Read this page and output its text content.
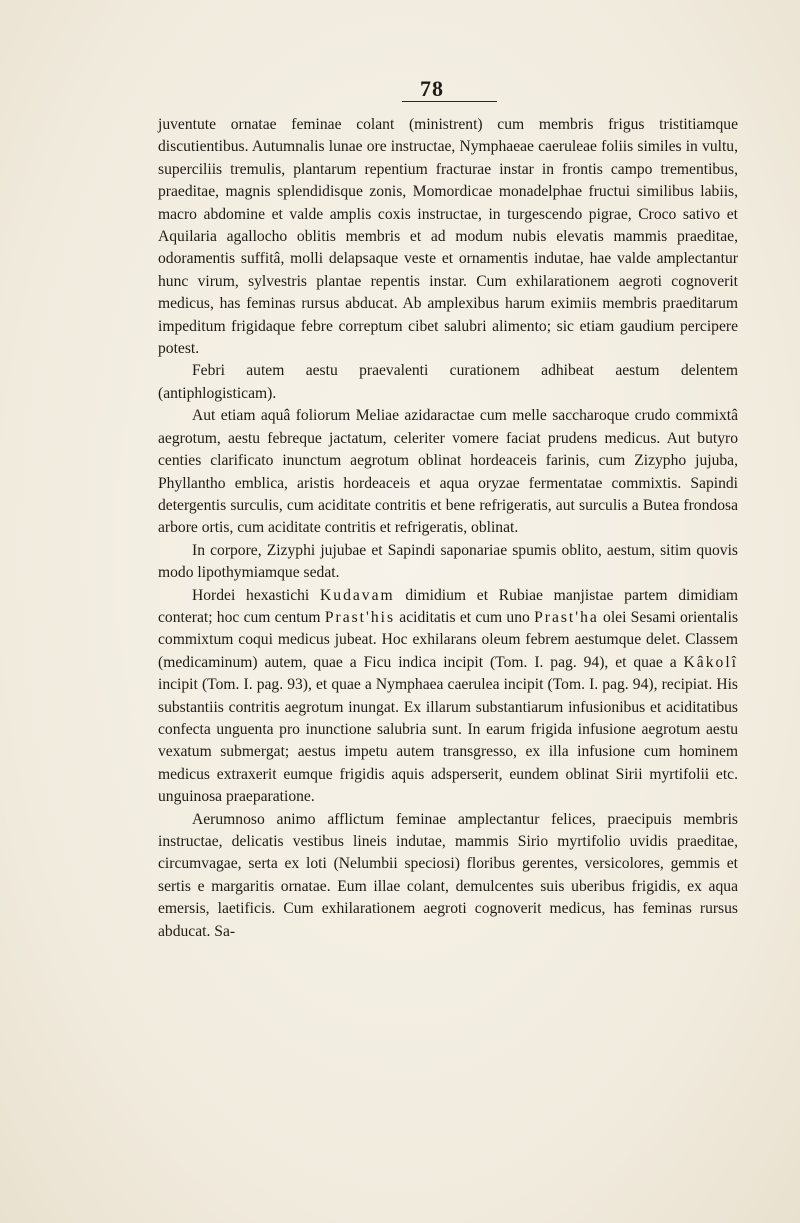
78

juventute ornatae feminae colant (ministrent) cum membris frigus tristitiamque discutientibus. Autumnalis lunae ore instructae, Nymphaeae caeruleae foliis similes in vultu, superciliis tremulis, plantarum repentium fracturae instar in frontis campo trementibus, praeditae, magnis splendidisque zonis, Momordicae monadelphae fructui similibus labiis, macro abdomine et valde amplis coxis instructae, in turgescendo pigrae, Croco sativo et Aquilaria agallocho oblitis membris et ad modum nubis elevatis mammis praeditae, odoramentis suffitâ, molli delapsaque veste et ornamentis indutae, hae valde amplectantur hunc virum, sylvestris plantae repentis instar. Cum exhilarationem aegroti cognoverit medicus, has feminas rursus abducat. Ab amplexibus harum eximiis membris praeditarum impeditum frigidaque febre correptum cibet salubri alimento; sic etiam gaudium percipere potest.

Febri autem aestu praevalenti curationem adhibeat aestum delentem (antiphlogisticam).

Aut etiam aquâ foliorum Meliae azidaractae cum melle saccharoque crudo commixtâ aegrotum, aestu febreque jactatum, celeriter vomere faciat prudens medicus. Aut butyro centies clarificato inunctum aegrotum oblinat hordeaceis farinis, cum Zizypho jujuba, Phyllantho emblica, aristis hordeaceis et aqua oryzae fermentatae commixtis. Sapindi detergentis surculis, cum aciditate contritis et bene refrigeratis, aut surculis a Butea frondosa arbore ortis, cum aciditate contritis et refrigeratis, oblinat.

In corpore, Zizyphi jujubae et Sapindi saponariae spumis oblito, aestum, sitim quovis modo lipothymiamque sedat.

Hordei hexastichi Kudavam dimidium et Rubiae manjistae partem dimidiam conterat; hoc cum centum Prast'his aciditatis et cum uno Prast'ha olei Sesami orientalis commixtum coqui medicus jubeat. Hoc exhilarans oleum febrem aestumque delet. Classem (medicaminum) autem, quae a Ficu indica incipit (Tom. I. pag. 94), et quae a Kâkolî incipit (Tom. I. pag. 93), et quae a Nymphaea caerulea incipit (Tom. I. pag. 94), recipiat. His substantiis contritis aegrotum inungat. Ex illarum substantiarum infusionibus et aciditatibus confecta unguenta pro inunctione salubria sunt. In earum frigida infusione aegrotum aestu vexatum submergat; aestus impetu autem transgresso, ex illa infusione cum hominem medicus extraxerit eumque frigidis aquis adsperserit, eundem oblinat Sirii myrtifolii etc. unguinosa praeparatione.

Aerumnoso animo afflictum feminae amplectantur felices, praecipuis membris instructae, delicatis vestibus lineis indutae, mammis Sirio myrtifolio uvidis praeditae, circumvagae, serta ex loti (Nelumbii speciosi) floribus gerentes, versicolores, gemmis et sertis e margaritis ornatae. Eum illae colant, demulcentes suis uberibus frigidis, ex aqua emersis, laetificis. Cum exhilarationem aegroti cognoverit medicus, has feminas rursus abducat. Sa-
